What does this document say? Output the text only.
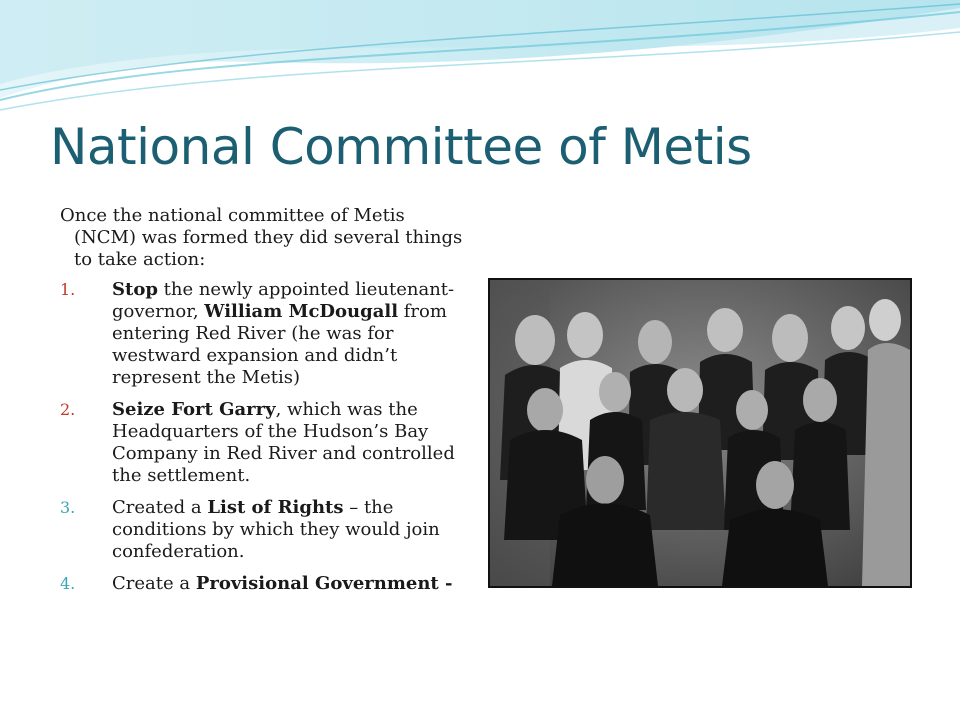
National Committee of Metis

Once the national committee of Metis (NCM) was formed they did several things to take action:

1. Stop the newly appointed lieutenant-governor, William McDougall from entering Red River (he was for westward expansion and didn’t represent the Metis)
2. Seize Fort Garry, which was the Headquarters of the Hudson’s Bay Company in Red River and controlled the settlement.
3. Created a List of Rights – the conditions by which they would join confederation.
4. Create a Provisional Government -
